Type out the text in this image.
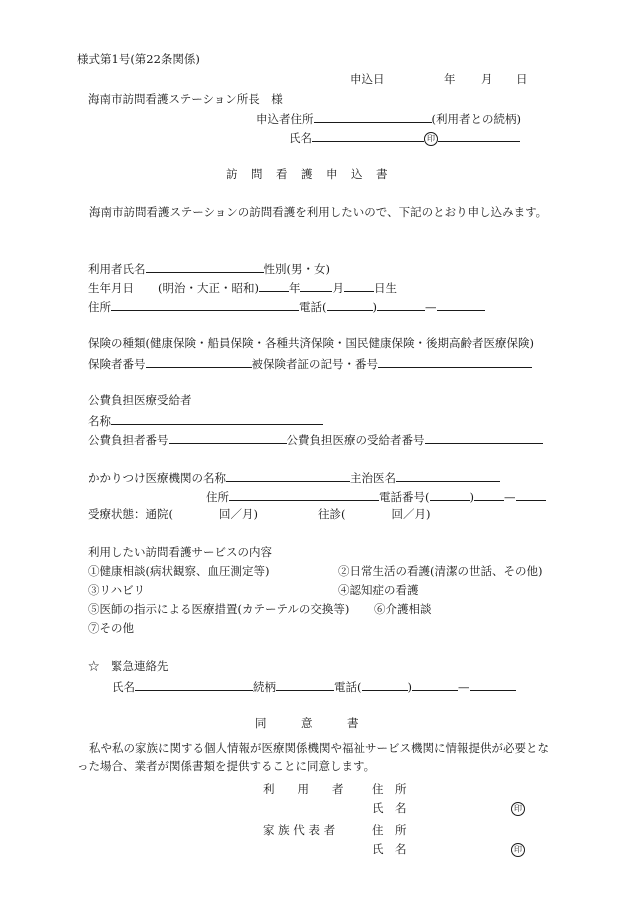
様式第1号(第22条関係)
申込日	年 月 日
海南市訪問看護ステーション所長　様
申込者住所	(利用者との続柄)
氏名	印
訪　問　看　護　申　込　書
海南市訪問看護ステーションの訪問看護を利用したいので、下記のとおり申し込みます。
利用者氏名	性別(男・女)
生年月日 (明治・大正・昭和)	年	月	日生
住所	電話(	)	—
保険の種類(健康保険・船員保険・各種共済保険・国民健康保険・後期高齢者医療保険)
保険者番号	被保険者証の記号・番号
公費負担医療受給者
名称
公費負担者番号	公費負担医療の受給者番号
かかりつけ医療機関の名称	主治医名
住所	電話番号(	)	—
受療状態：通院(	回／月)	往診(	回／月)
利用したい訪問看護サービスの内容
①健康相談(病状観察、血圧測定等)	②日常生活の看護(清潔の世話、その他)
③リハビリ	④認知症の看護
⑤医師の指示による医療措置(カテーテルの交換等) ⑥介護相談
⑦その他
☆　緊急連絡先
氏名	続柄	電話(	)	—
同　　　意　　　書
私や私の家族に関する個人情報が医療関係機関や福祉サービス機関に情報提供が必要となった場合、業者が関係書類を提供することに同意します。
利　　用　　者 住　所
氏　名	印
家 族 代 表 者	住　所
氏　名	印
